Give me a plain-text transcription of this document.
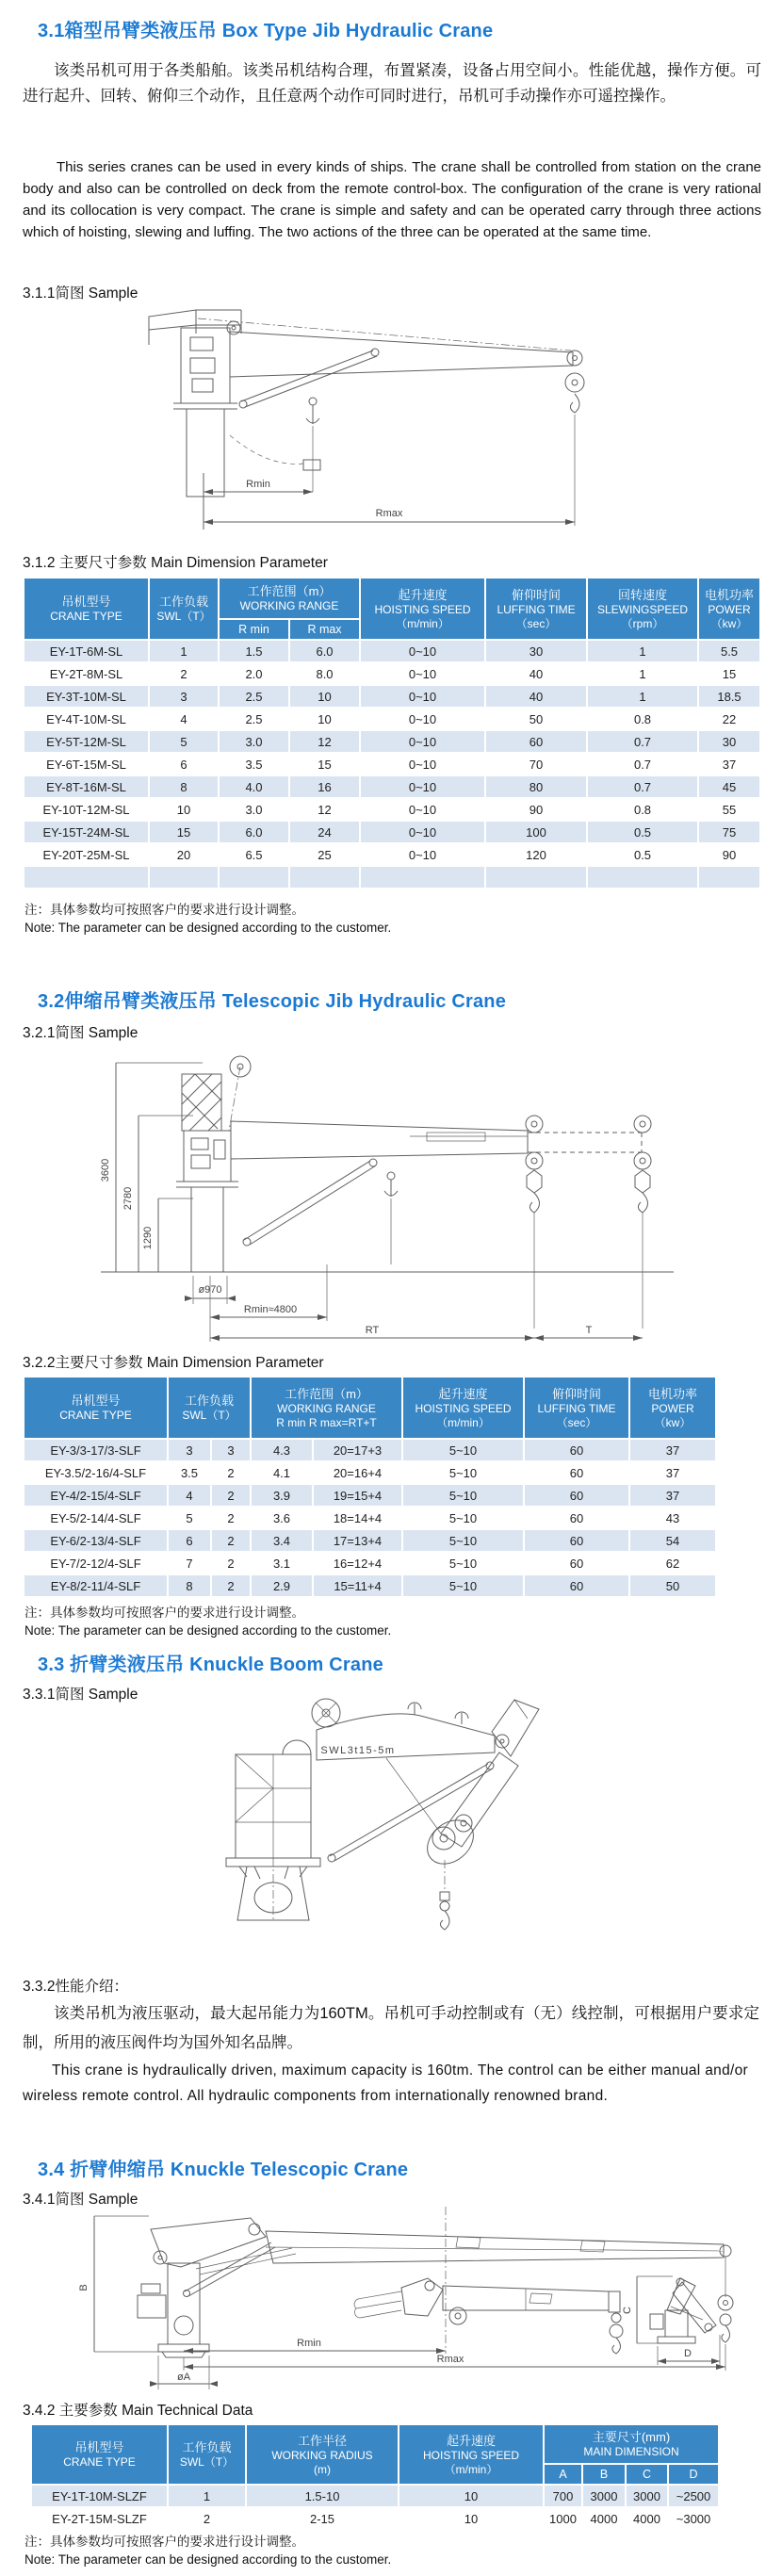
3.1箱型吊臂类液压吊 Box Type Jib Hydraulic Crane
该类吊机可用于各类船舶。该类吊机结构合理，布置紧凑，设备占用空间小。性能优越，操作方便。可进行起升、回转、俯仰三个动作，且任意两个动作可同时进行，吊机可手动操作亦可遥控操作。
This series cranes can be used in every kinds of ships. The crane shall be controlled from station on the crane body and also can be controlled on deck from the remote control-box. The configuration of the crane is very rational and its collocation is very compact. The crane is simple and safety and can be operated carry through three actions which of hoisting, slewing and luffing. The two actions of the three can be operated at the same time.
3.1.1简图 Sample
Rmin
Rmax
3.1.2 主要尺寸参数 Main Dimension Parameter
吊机型号
CRANE TYPE

工作负载
SWL（T）

工作范围（m）
WORKING RANGE

起升速度
HOISTING SPEED
（m/min）

俯仰时间
LUFFING TIME
（sec）

回转速度
SLEWINGSPEED
（rpm）

电机功率
POWER
（kw）

		R min	R max				
EY-1T-6M-SL	1	1.5	6.0	0~10	30	1	5.5
EY-2T-8M-SL	2	2.0	8.0	0~10	40	1	15
EY-3T-10M-SL	3	2.5	10	0~10	40	1	18.5
EY-4T-10M-SL	4	2.5	10	0~10	50	0.8	22
EY-5T-12M-SL	5	3.0	12	0~10	60	0.7	30
EY-6T-15M-SL	6	3.5	15	0~10	70	0.7	37
EY-8T-16M-SL	8	4.0	16	0~10	80	0.7	45
EY-10T-12M-SL	10	3.0	12	0~10	90	0.8	55
EY-15T-24M-SL	15	6.0	24	0~10	100	0.5	75
EY-20T-25M-SL	20	6.5	25	0~10	120	0.5	90

注：具体参数均可按照客户的要求进行设计调整。
Note: The parameter can be designed according to the customer.
3.2伸缩吊臂类液压吊 Telescopic Jib Hydraulic Crane
3.2.1简图 Sample
3600
2780
1290
ø970
Rmin≈4800
RT	T
3.2.2主要尺寸参数 Main Dimension Parameter
吊机型号
CRANE TYPE

工作负载
SWL（T）

工作范围（m）
WORKING RANGE
R min R max=RT+T

起升速度
HOISTING SPEED
（m/min）

俯仰时间
LUFFING TIME
（sec）

电机功率
POWER
（kw）

EY-3/3-17/3-SLF	3	3	4.3	20=17+3	5~10	60	37
EY-3.5/2-16/4-SLF	3.5	2	4.1	20=16+4	5~10	60	37
EY-4/2-15/4-SLF	4	2	3.9	19=15+4	5~10	60	37
EY-5/2-14/4-SLF	5	2	3.6	18=14+4	5~10	60	43
EY-6/2-13/4-SLF	6	2	3.4	17=13+4	5~10	60	54
EY-7/2-12/4-SLF	7	2	3.1	16=12+4	5~10	60	62
EY-8/2-11/4-SLF	8	2	2.9	15=11+4	5~10	60	50
注：具体参数均可按照客户的要求进行设计调整。
Note: The parameter can be designed according to the customer.
3.3 折臂类液压吊 Knuckle Boom Crane
3.3.1简图 Sample
SWL3t15-5m
3.3.2性能介绍：
该类吊机为液压驱动，最大起吊能力为160TM。吊机可手动控制或有（无）线控制，可根据用户要求定制，所用的液压阀件均为国外知名品牌。
This crane is hydraulically driven, maximum capacity is 160tm. The control can be either manual and/or wireless remote control. All hydraulic components from internationally renowned brand.
3.4 折臂伸缩吊 Knuckle Telescopic Crane
3.4.1简图 Sample
B
C
D
Rmin
Rmax
øA
3.4.2 主要参数 Main Technical Data
吊机型号
CRANE TYPE

工作负载
SWL（T）

工作半径
WORKING RADIUS
(m)

起升速度
HOISTING SPEED
（m/min）

主要尺寸(mm)
MAIN DIMENSION

				A	B	C	D
EY-1T-10M-SLZF	1	1.5-10	10	700	3000	3000	~2500
EY-2T-15M-SLZF	2	2-15	10	1000	4000	4000	~3000
注：具体参数均可按照客户的要求进行设计调整。
Note: The parameter can be designed according to the customer.
